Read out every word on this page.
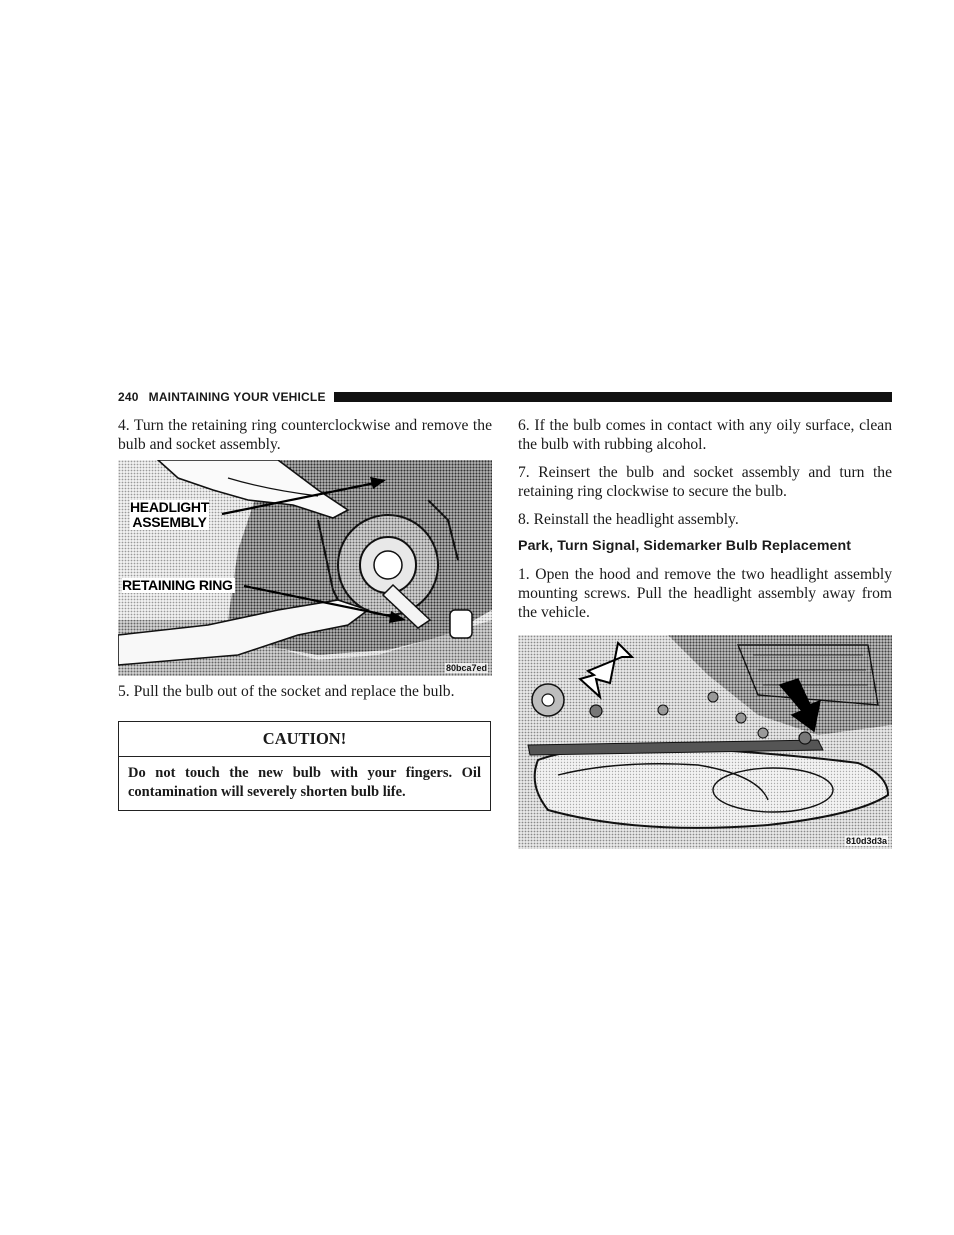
240 MAINTAINING YOUR VEHICLE

4. Turn the retaining ring counterclockwise and remove the bulb and socket assembly.

HEADLIGHT
ASSEMBLY
RETAINING RING
80bca7ed

5. Pull the bulb out of the socket and replace the bulb.

CAUTION!
Do not touch the new bulb with your fingers. Oil contamination will severely shorten bulb life.

6. If the bulb comes in contact with any oily surface, clean the bulb with rubbing alcohol.

7. Reinsert the bulb and socket assembly and turn the retaining ring clockwise to secure the bulb.

8. Reinstall the headlight assembly.

Park, Turn Signal, Sidemarker Bulb Replacement

1. Open the hood and remove the two headlight assembly mounting screws. Pull the headlight assembly away from the vehicle.

810d3d3a
